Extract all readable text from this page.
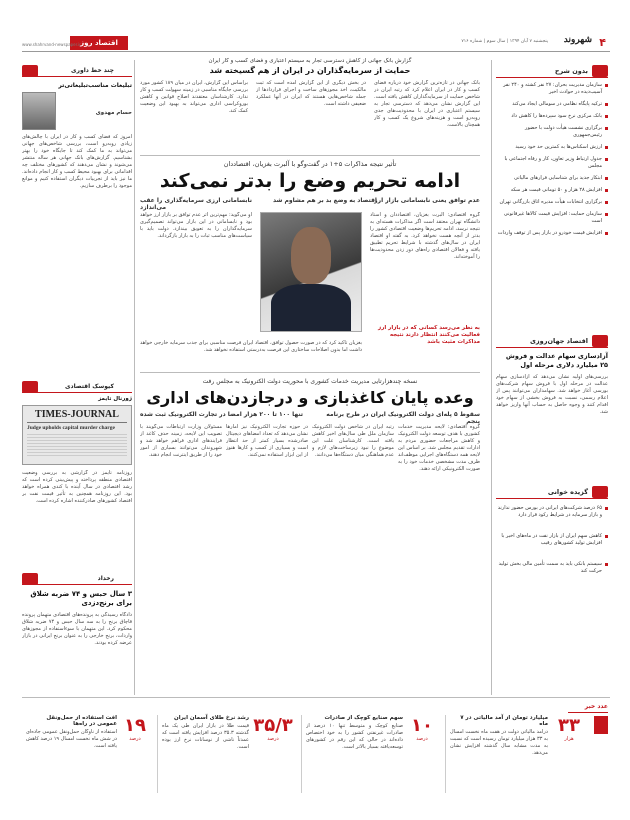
۴
شهروند
پنجشنبه ۷ آبان ۱۳۹۴ | سال سوم | شماره ۷۱۶
اقتصاد روز
www.shahrvand-newspaper.ir
گزارش بانک جهانی از کاهش دسترسی تجار به سیستم اعتباری و فضای کسب و کار ایران
حمایت از سرمایه‌گذاران در ایران از هم گسیخته شد
بانک جهانی در تازه‌ترین گزارش خود درباره فضای کسب و کار در ایران اعلام کرد که رتبه ایران در شاخص حمایت از سرمایه‌گذاران کاهش یافته است. این گزارش نشان می‌دهد که دسترسی تجار به سیستم اعتباری در ایران با محدودیت‌های جدی روبه‌رو است و هزینه‌های شروع یک کسب و کار همچنان بالاست.
در بخش دیگری از این گزارش آمده است که ثبت مالکیت، اخذ مجوزهای ساخت و اجرای قراردادها از جمله شاخص‌هایی هستند که ایران در آنها عملکرد ضعیفی داشته است.
براساس این گزارش، ایران در میان ۱۸۹ کشور مورد بررسی جایگاه مناسبی در زمینه سهولت کسب و کار ندارد. کارشناسان معتقدند اصلاح قوانین و کاهش بوروکراسی اداری می‌تواند به بهبود این وضعیت کمک کند.
بدون شرح
سازمان‌ مدیریت بحران: ۲۷ نفر کشته و ۲۴۰ نفر آسیب‌دیده در حوادث اخیر
ترکیه پایگاه نظامی در سومالی ایجاد می‌کند
بانک مرکزی نرخ سود سپرده‌ها را کاهش داد
برگزاری نشست هیأت دولت با حضور رئیس‌جمهوری
ارزش اسکناس‌ها به کمترین حد خود رسید
جدول ارتباط وزیر تعاون، کار و رفاه اجتماعی با مجلس
ابتکار جدید برای شناسایی فرارهای مالیاتی
افزایش ۲۸ هزار و ۵۰ تومانی قیمت هر سکه
برگزاری انتخابات هیأت مدیره اتاق بازرگانی تهران
سازمان حمایت: افزایش قیمت کالاها غیرقانونی است
افزایش قیمت خودرو در بازار پس از توقف واردات
اقتصاد جهان‌روزی
آزادسازی سهام عدالت و فروش ۲۵ میلیارد دلاری مرحله اول
بررسی‌های اولیه نشان می‌دهد که آزادسازی سهام عدالت در مرحله اول با فروش سهام شرکت‌های بورسی آغاز خواهد شد. سهامداران می‌توانند پس از اعلام رسمی، نسبت به فروش بخشی از سهام خود اقدام کنند و وجوه حاصل به حساب آنها واریز خواهد شد.
گزیده خوانی
۶۵ درصد شرکت‌های ایرانی در بورس حضور ندارند و بازار سرمایه در شرایط رکود قرار دارد
کاهش سهم ایران از بازار نفت در ماه‌های اخیر با افزایش تولید کشورهای رقیب
سیستم بانکی باید به سمت تأمین مالی بخش تولید حرکت کند
تأثیر نتیجه مذاکرات ۵+۱ در گفت‌وگو با آلبرت بغزیان، اقتصاددان
ادامه تحریم وضع را بدتر نمی‌کند
عدم توافق یعنی نابسامانی بازار ارز
اقتصاد به وضع بد بر هم مشاوم شد
نابسامانی ارزی سرمایه‌گذاری را عقب می‌اندازد
گروه اقتصادی: آلبرت بغزیان، اقتصاددان و استاد دانشگاه تهران معتقد است اگر مذاکرات هسته‌ای به نتیجه نرسد، ادامه تحریم‌ها وضعیت اقتصادی کشور را بدتر از آنچه هست نخواهد کرد. به گفته او اقتصاد ایران در سال‌های گذشته با شرایط تحریم تطبیق یافته و فعالان اقتصادی راه‌های دور زدن محدودیت‌ها را آموخته‌اند.
او می‌گوید: مهم‌ترین اثر عدم توافق بر بازار ارز خواهد بود و نابسامانی در این بازار می‌تواند تصمیم‌گیری سرمایه‌گذاران را به تعویق بیندازد. دولت باید با سیاست‌های مناسب ثبات را به بازار بازگرداند.
بغزیان تأکید کرد که در صورت حصول توافق، اقتصاد ایران فرصت مناسبی برای جذب سرمایه خارجی خواهد داشت اما بدون اصلاحات ساختاری این فرصت به‌درستی استفاده نخواهد شد.
به نظر می‌رسد کسانی که در بازار ارز فعالیت می‌کنند انتظار دارند نتیجه مذاکرات مثبت باشد
نسخه چندهزارتایی مدیریت خدمات کشوری با محوریت دولت الکترونیک به مجلس رفت
وعده پایان کاغذبازی و درجازدن‌های اداری
سقوط ۵ پله‌ای دولت الکترونیک ایران در طرح برنامه پنجم
تنها ۱۰۰ تا ۲۰۰ هزار امضا در تجارت الکترونیک ثبت شده
گروه اقتصادی: لایحه مدیریت خدمات کشوری با هدف توسعه دولت الکترونیک و کاهش مراجعات حضوری مردم به ادارات تقدیم مجلس شد. بر اساس این لایحه همه دستگاه‌های اجرایی موظف‌اند ظرف مدت مشخصی خدمات خود را به صورت الکترونیکی ارائه دهند.
رتبه ایران در شاخص دولت الکترونیک سازمان ملل طی سال‌های اخیر کاهش یافته است. کارشناسان علت این موضوع را نبود زیرساخت‌های لازم و عدم هماهنگی میان دستگاه‌ها می‌دانند.
در حوزه تجارت الکترونیک نیز آمارها نشان می‌دهد که تعداد امضاهای دیجیتال صادرشده بسیار کمتر از حد انتظار است و بسیاری از کسب و کارها هنوز از این ابزار استفاده نمی‌کنند.
مسئولان وزارت ارتباطات می‌گویند با تصویب این لایحه، زمینه حذف کاغذ از فرایندهای اداری فراهم خواهد شد و شهروندان می‌توانند بسیاری از امور خود را از طریق اینترنت انجام دهند.
چند خط داوری
تبلیغات مناسب‌تبلیغاتی‌تر
حسام مهدوی
امروز که فضای کسب و کار در ایران با چالش‌های زیادی روبه‌رو است، بررسی شاخص‌های جهانی می‌تواند به ما کمک کند تا جایگاه خود را بهتر بشناسیم. گزارش‌های بانک جهانی هر ساله منتشر می‌شوند و نشان می‌دهند که کشورهای مختلف چه اقداماتی برای بهبود محیط کسب و کار انجام داده‌اند. ما نیز باید از تجربیات دیگران استفاده کنیم و موانع موجود را برطرف سازیم.
کیوسک اقتصادی
ژورنال تایمز
TIMES-JOURNAL
Judge upholds capital murder charge
روزنامه تایمز در گزارشی به بررسی وضعیت اقتصادی منطقه پرداخته و پیش‌بینی کرده است که رشد اقتصادی در سال آینده با کندی همراه خواهد بود. این روزنامه همچنین به تأثیر قیمت نفت بر اقتصاد کشورهای صادرکننده اشاره کرده است.
رخداد
۳ سال حبس و ۷۴ ضربه شلاق برای برنج‌دزدی
دادگاه رسیدگی به پرونده‌های اقتصادی متهمان پرونده قاچاق برنج را به سه سال حبس و ۷۴ ضربه شلاق محکوم کرد. این متهمان با سوءاستفاده از مجوزهای واردات، برنج خارجی را به عنوان برنج ایرانی در بازار عرضه کرده بودند.
عدد خبر
۳۳
هزار
میلیارد تومان از آمد مالیاتی در ۷ ماه
درآمد مالیاتی دولت در هفت ماه نخست امسال به ۳۳ هزار میلیارد تومان رسیده است که نسبت به مدت مشابه سال گذشته افزایش نشان می‌دهد.
۱۰
درصد
سهم صنایع کوچک از صادرات
صنایع کوچک و متوسط تنها ۱۰ درصد از صادرات غیرنفتی کشور را به خود اختصاص داده‌اند در حالی که این رقم در کشورهای توسعه‌یافته بسیار بالاتر است.
۳۵/۳
درصد
رشد نرخ طلای آسمان ایران
قیمت طلا در بازار ایران طی یک ماه گذشته ۳۵.۳ درصد افزایش یافته است که عمدتاً ناشی از نوسانات نرخ ارز بوده است.
۱۹
درصد
افت استفاده از حمل‌ونقل عمومی در راه‌ها
استفاده از ناوگان حمل‌ونقل عمومی جاده‌ای در شش ماه نخست امسال ۱۹ درصد کاهش یافته است.
